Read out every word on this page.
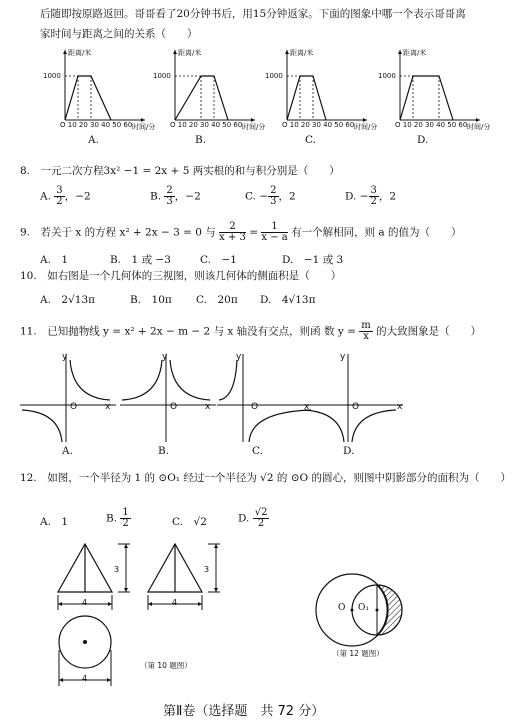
后随即按原路返回。哥哥看了20分钟书后，用15分钟返家。下面的图象中哪一个表示哥哥离
家时间与距离之间的关系（　　）
距离/米
1000
O 10 20 30 40 50 60 时间/分
距离/米
1000
O 10 20 30 40 50 60 时间/分
距离/米
1000
O 10 20 30 40 50 60 时间/分
距离/米
1000
O 10 20 30 40 50 60 时间/分
A.	B.	C.	D.
8.　一元二次方程3x² −1 = 2x + 5 两实根的和与积分别是（　　）
A. $\frac{3}{2}$ ，−2	B. $\frac{2}{3}$ ，−2	C. − $\frac{2}{3}$ ，2	D. − $\frac{3}{2}$ ，2
9.　若关于 x 的方程 x² + 2x − 3 = 0 与 $\frac{2}{x + 3} = \frac{1}{x - a}$ 有一个解相同，则 a 的值为（　　）
A.　1	B.　1 或 −3	C.　−1	D.　−1 或 3
10.　如右图是一个几何体的三视图，则该几何体的侧面积是（　　）
A.　2√13π	B.　10π C.　20π D.　4√13π
11.　已知抛物线 y = x² + 2x − m − 2 与 x 轴没有交点，则函 数 $y = \frac{m}{x}$ 的大致图象是（　　）
y
O	x
y
O	x
y
O	x
y
O	x
A.	B.	C.	D.
12.　如图，一个半径为 1 的 ⊙O₁ 经过一个半径为 √2 的 ⊙O 的圆心，则图中阴影部分的面积为（　　）
A.　1	B. $\frac{1}{2}$	C.　√2	D. $\frac{√2}{2}$
3
4
3
4
4
（第 10 题图）
O O₁
（第 12 题图）
第Ⅱ卷（选择题　共 72 分）
